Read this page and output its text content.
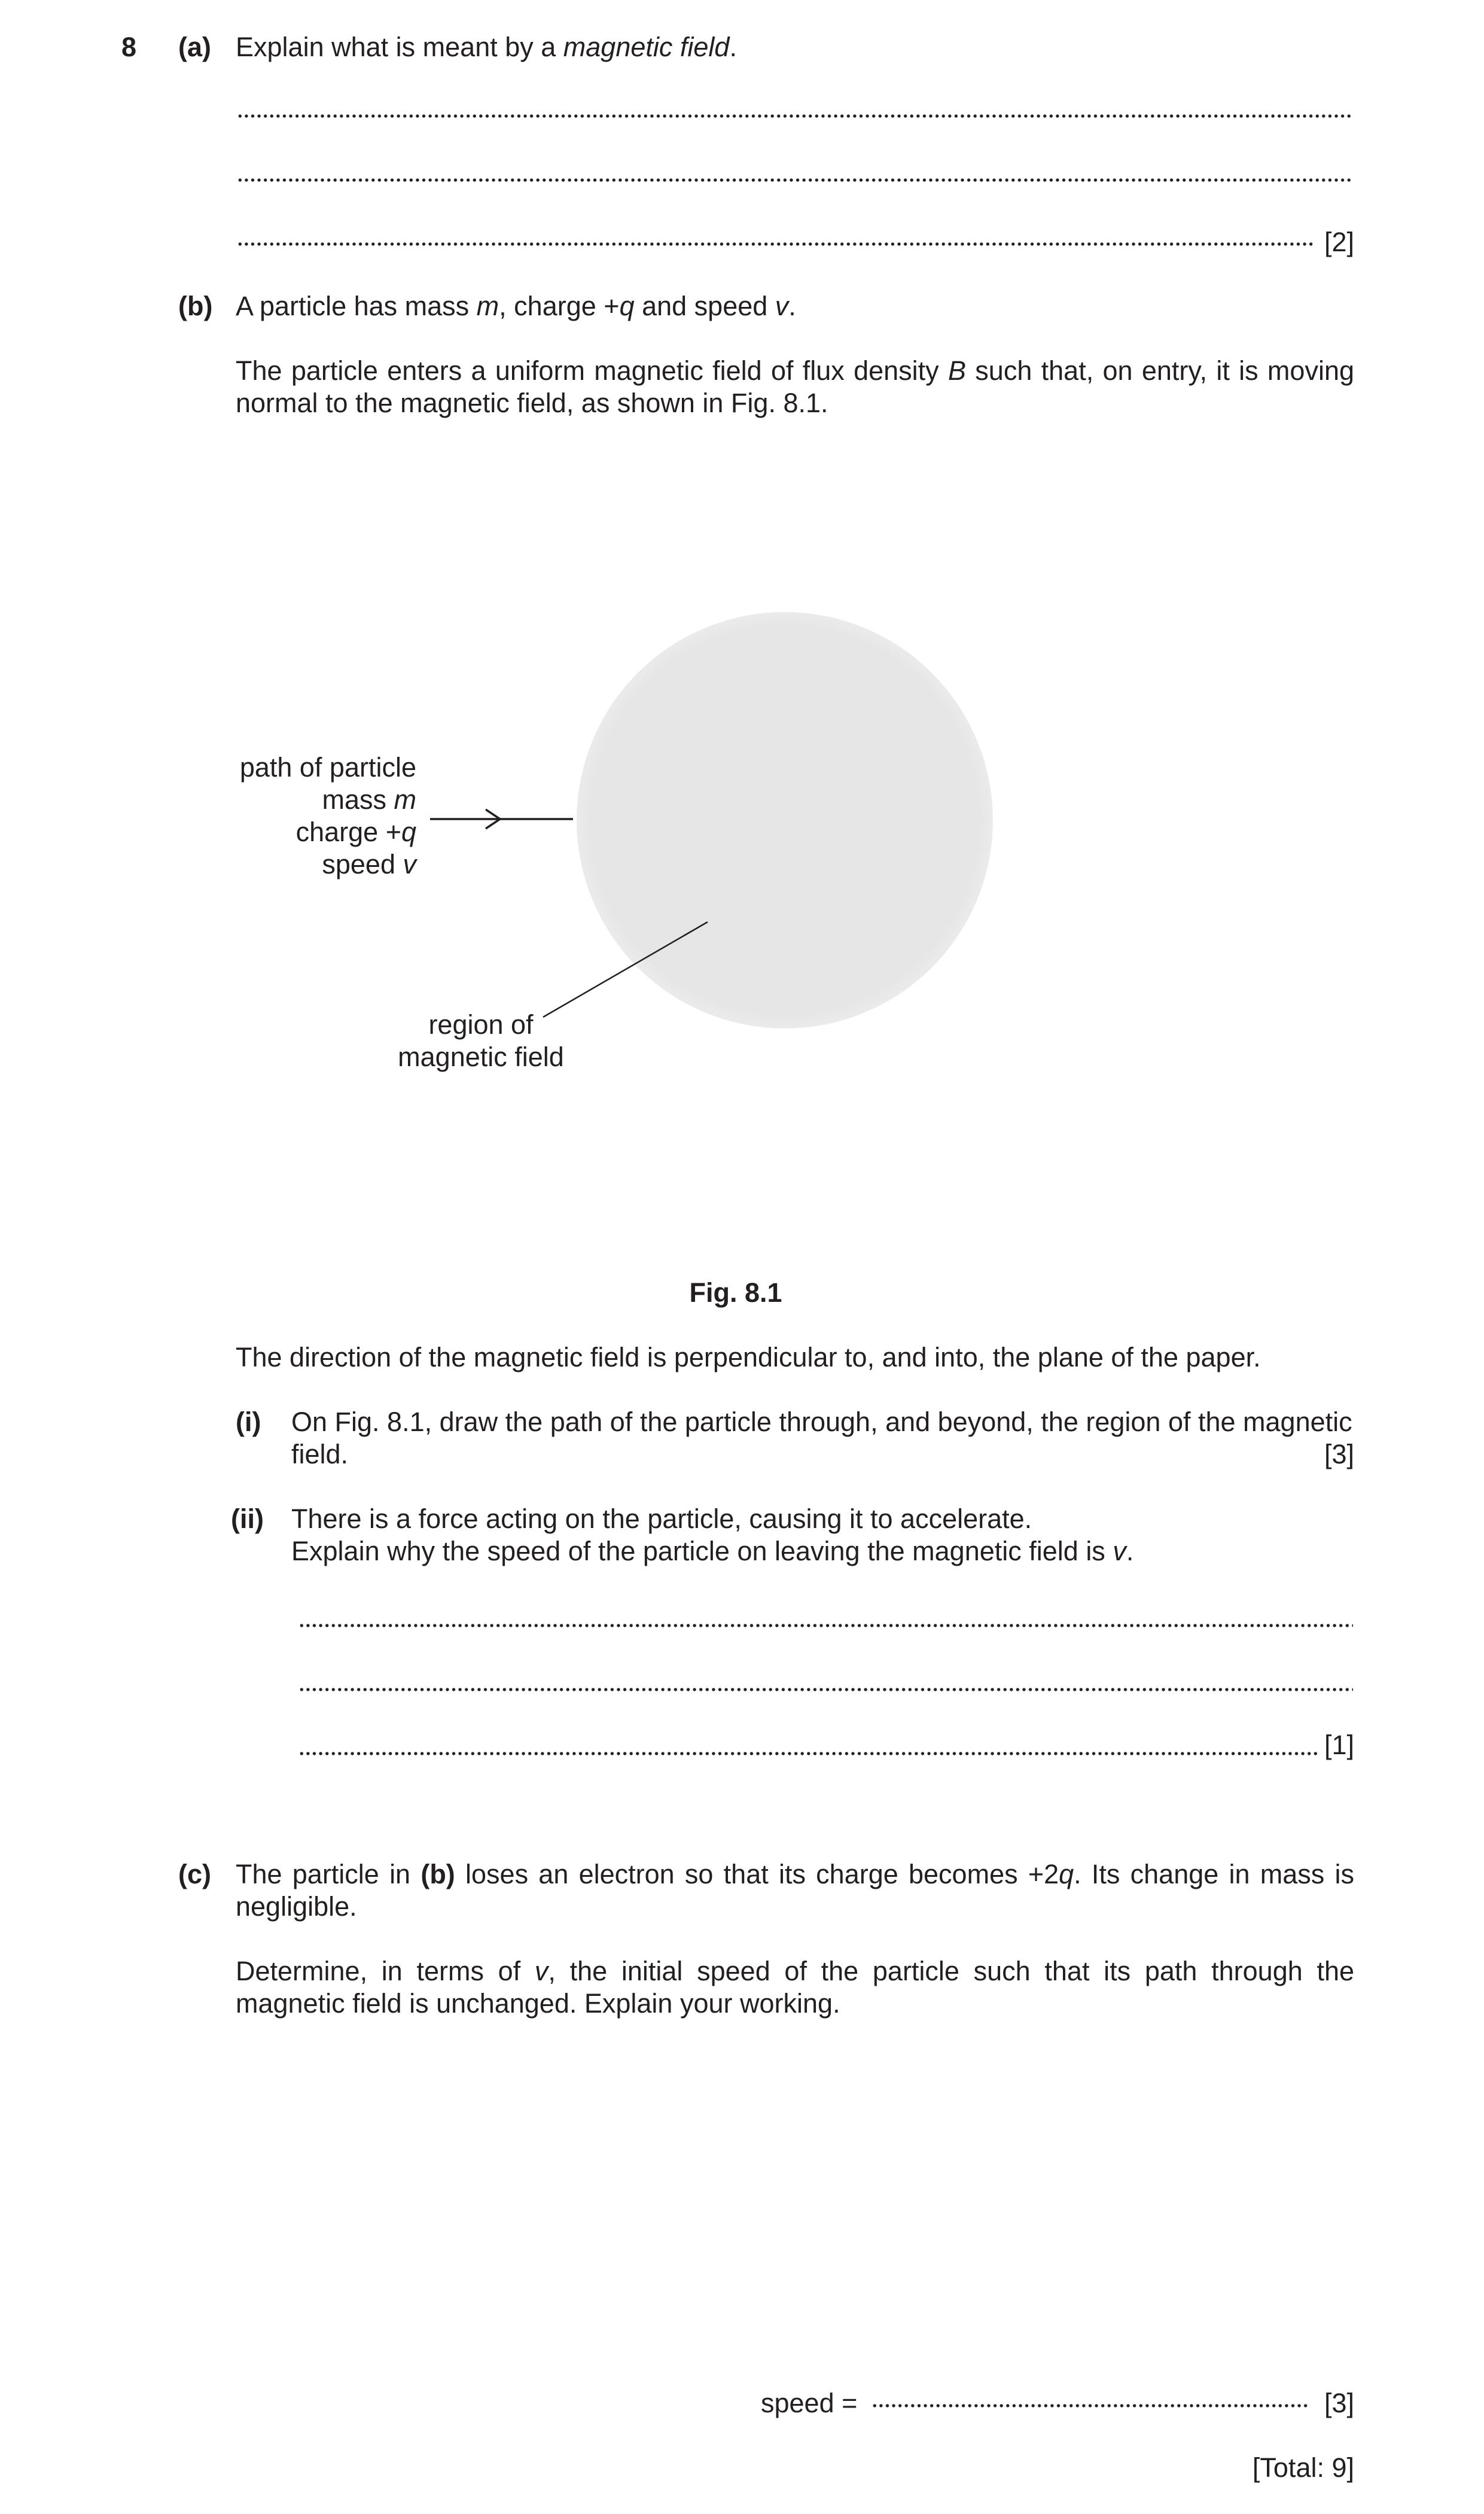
8 (a) Explain what is meant by a magnetic field.
[2]
(b) A particle has mass m, charge +q and speed v.
The particle enters a uniform magnetic field of flux density B such that, on entry, it is moving normal to the magnetic field, as shown in Fig. 8.1.
path of particle
mass m
charge +q
speed v
region of
magnetic field
Fig. 8.1
The direction of the magnetic field is perpendicular to, and into, the plane of the paper.
(i) On Fig. 8.1, draw the path of the particle through, and beyond, the region of the magnetic
field.	[3]
(ii) There is a force acting on the particle, causing it to accelerate.
Explain why the speed of the particle on leaving the magnetic field is v.
[1]
(c) The particle in (b) loses an electron so that its charge becomes +2q. Its change in mass is negligible.
Determine, in terms of v, the initial speed of the particle such that its path through the magnetic field is unchanged. Explain your working.
speed =	[3]
[Total: 9]
